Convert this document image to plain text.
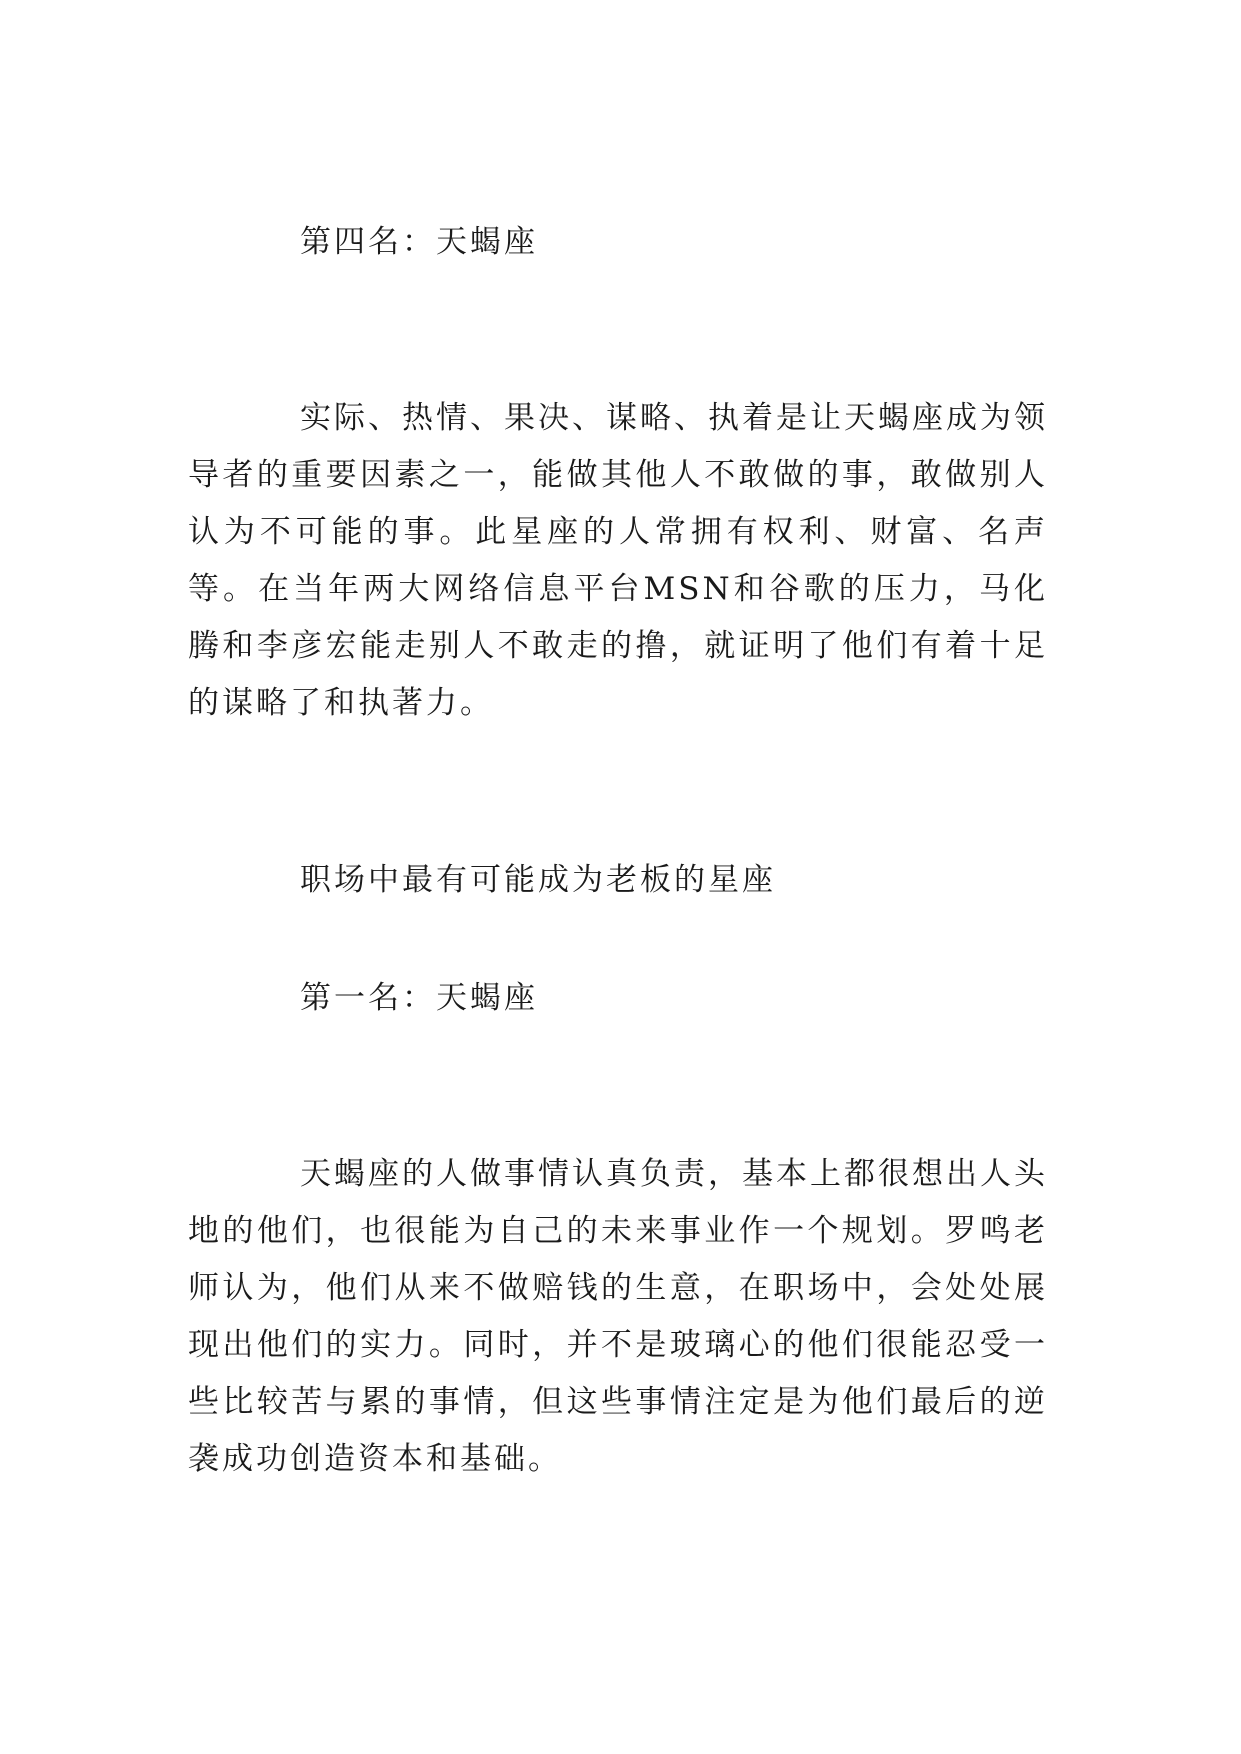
第四名：天蝎座

实际、热情、果决、谋略、执着是让天蝎座成为领导者的重要因素之一，能做其他人不敢做的事，敢做别人认为不可能的事。此星座的人常拥有权利、财富、名声等。在当年两大网络信息平台MSN和谷歌的压力，马化腾和李彦宏能走别人不敢走的撸，就证明了他们有着十足的谋略了和执著力。

职场中最有可能成为老板的星座
第一名：天蝎座

天蝎座的人做事情认真负责，基本上都很想出人头地的他们，也很能为自己的未来事业作一个规划。罗鸣老师认为，他们从来不做赔钱的生意，在职场中，会处处展现出他们的实力。同时，并不是玻璃心的他们很能忍受一些比较苦与累的事情，但这些事情注定是为他们最后的逆袭成功创造资本和基础。
